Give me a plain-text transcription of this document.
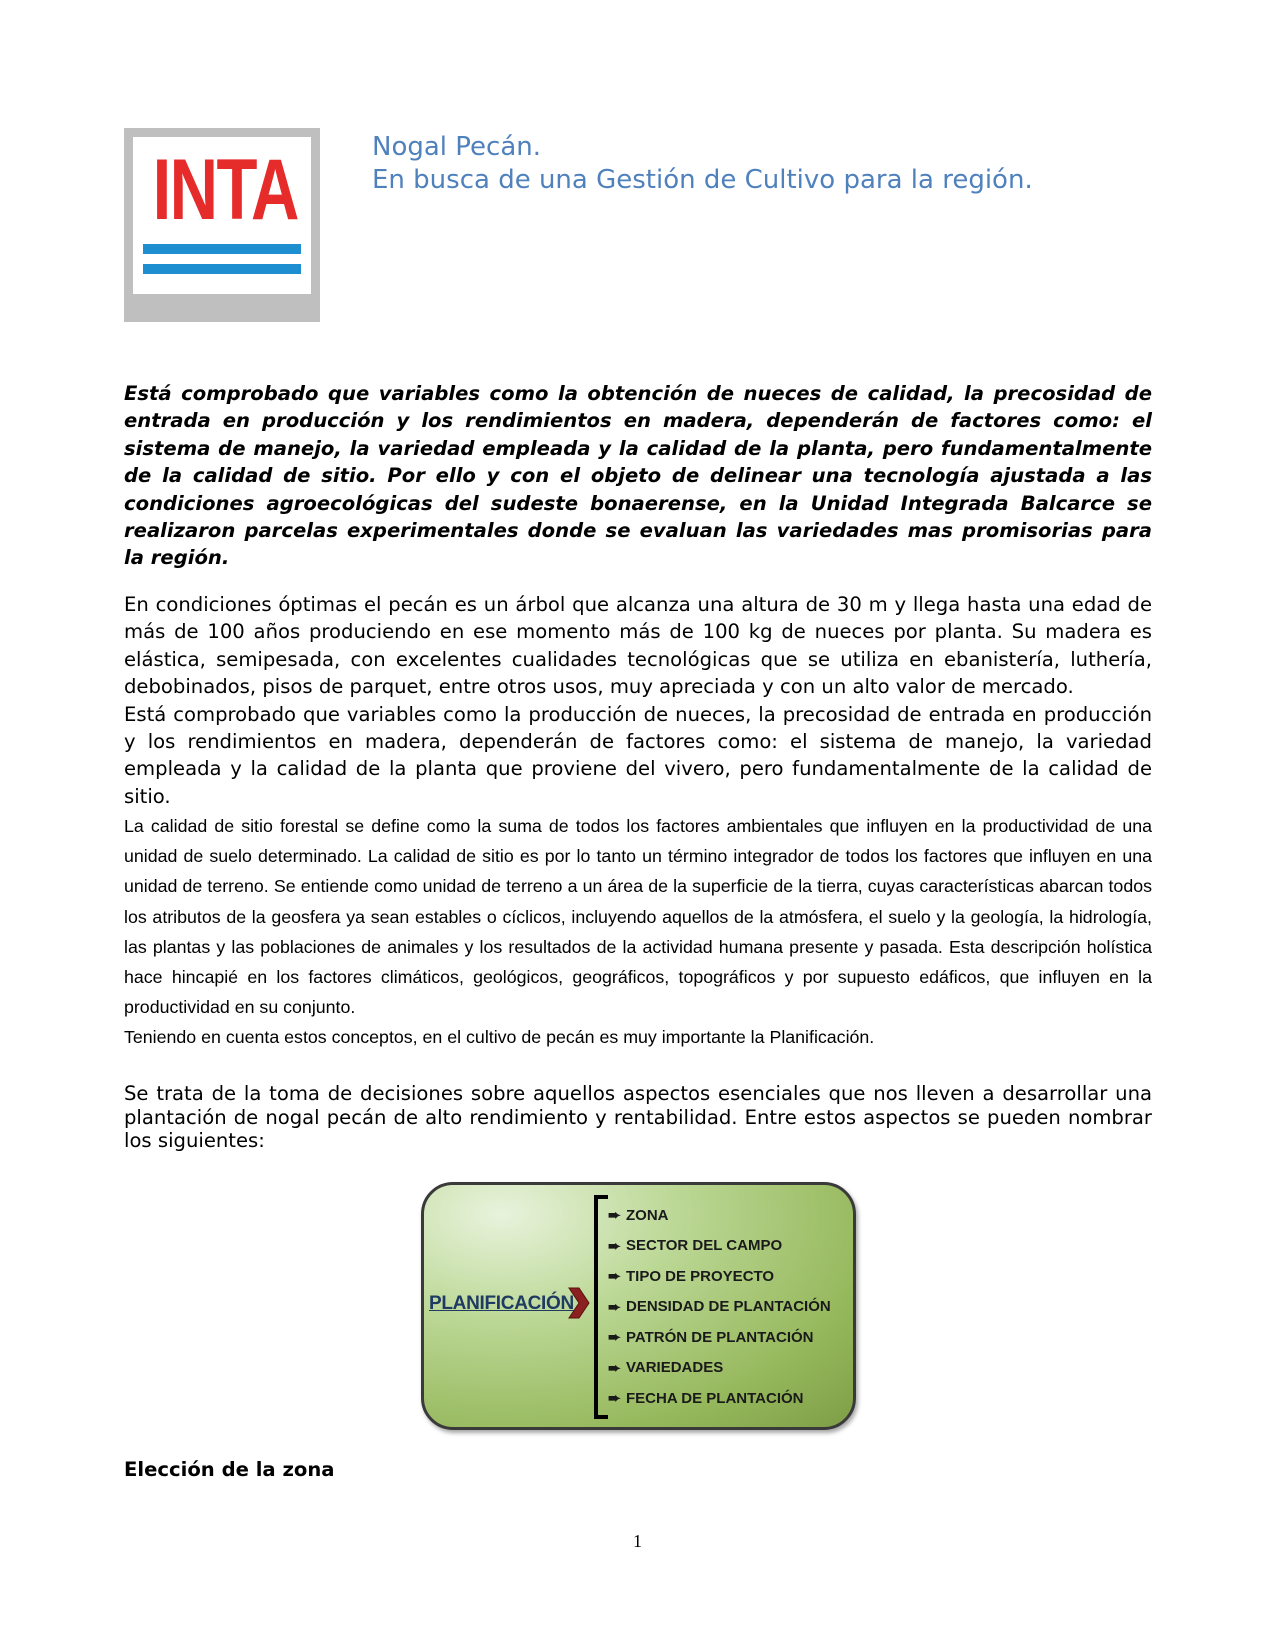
INTA	Nogal Pecán.
En busca de una Gestión de Cultivo para la región.
Está comprobado que variables como la obtención de nueces de calidad, la precosidad de entrada en producción y los rendimientos en madera, dependerán de factores como: el sistema de manejo, la variedad empleada y la calidad de la planta, pero fundamentalmente de la calidad de sitio. Por ello y con el objeto de delinear una tecnología ajustada a las condiciones agroecológicas del sudeste bonaerense, en la Unidad Integrada Balcarce se realizaron parcelas experimentales donde se evaluan las variedades mas promisorias para la región.

En condiciones óptimas el pecán es un árbol que alcanza una altura de 30 m y llega hasta una edad de más de 100 años produciendo en ese momento más de 100 kg de nueces por planta. Su madera es elástica, semipesada, con excelentes cualidades tecnológicas que se utiliza en ebanistería, luthería, debobinados, pisos de parquet, entre otros usos, muy apreciada y con un alto valor de mercado.

Está comprobado que variables como la producción de nueces, la precosidad de entrada en producción y los rendimientos en madera, dependerán de factores como: el sistema de manejo, la variedad empleada y la calidad de la planta que proviene del vivero, pero fundamentalmente de la calidad de sitio.

La calidad de sitio forestal se define como la suma de todos los factores ambientales que influyen en la productividad de una unidad de suelo determinado. La calidad de sitio es por lo tanto un término integrador de todos los factores que influyen en una unidad de terreno. Se entiende como unidad de terreno a un área de la superficie de la tierra, cuyas características abarcan todos los atributos de la geosfera ya sean estables o cíclicos, incluyendo aquellos de la atmósfera, el suelo y la geología, la hidrología, las plantas y las poblaciones de animales y los resultados de la actividad humana presente y pasada. Esta descripción holística hace hincapié en los factores climáticos, geológicos, geográficos, topográficos y por supuesto edáficos, que influyen en la productividad en su conjunto.

Teniendo en cuenta estos conceptos, en el cultivo de pecán es muy importante la Planificación.

Se trata de la toma de decisiones sobre aquellos aspectos esenciales que nos lleven a desarrollar una plantación de nogal pecán de alto rendimiento y rentabilidad. Entre estos aspectos se pueden nombrar los siguientes:
PLANIFICACIÓN
➨ ZONA
➨ SECTOR DEL CAMPO
➨ TIPO DE PROYECTO
➨ DENSIDAD DE PLANTACIÓN
➨ PATRÓN DE PLANTACIÓN
➨ VARIEDADES
➨ FECHA DE PLANTACIÓN
Elección de la zona
1
